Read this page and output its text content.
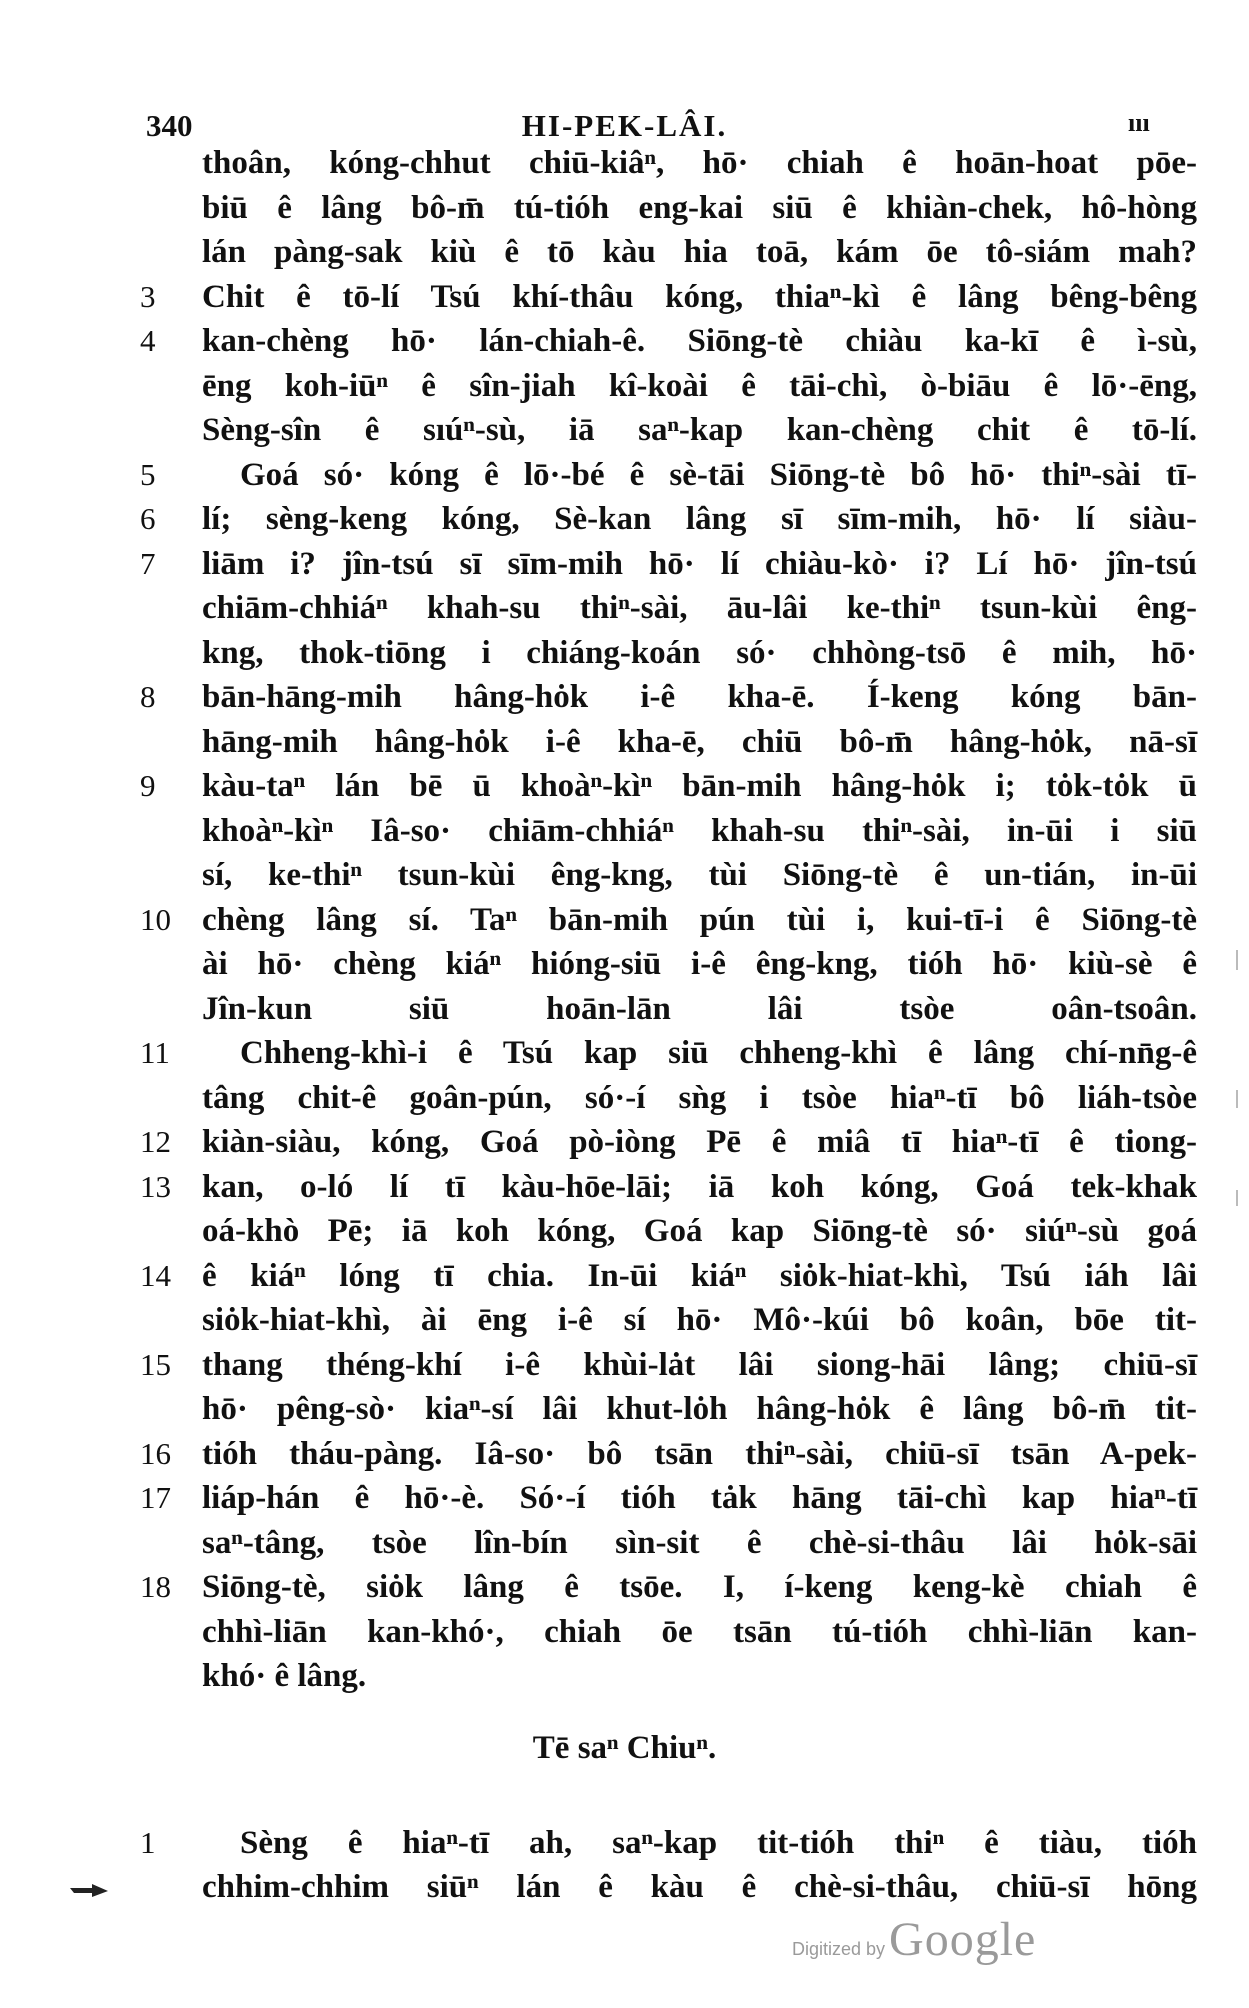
340	HI-PEK-LÂI.	ııı
thoân, kóng-chhut chiū-kiâⁿ, hō· chiah ê hoān-hoat pōe-
biū ê lâng bô-m̄ tú-tióh eng-kai siū ê khiàn-chek, hô-hòng
lán pàng-sak kiù ê tō kàu hia toā, kám ōe tô-siám mah?
3	Chit ê tō-lí Tsú khí-thâu kóng, thiaⁿ-kì ê lâng bêng-bêng
4	kan-chèng hō· lán-chiah-ê. Siōng-tè chiàu ka-kī ê ì-sù,
ēng koh-iūⁿ ê sîn-jiah kî-koài ê tāi-chì, ò-biāu ê lō·-ēng,
Sèng-sîn ê sıúⁿ-sù, iā saⁿ-kap kan-chèng chit ê tō-lí.
5	Goá só· kóng ê lō·-bé ê sè-tāi Siōng-tè bô hō· thiⁿ-sài tī-
6	lí; sèng-keng kóng, Sè-kan lâng sī sīm-mih, hō· lí siàu-
7	liām i? jîn-tsú sī sīm-mih hō· lí chiàu-kò· i? Lí hō· jîn-tsú
chiām-chhiáⁿ khah-su thiⁿ-sài, āu-lâi ke-thiⁿ tsun-kùi êng-
kng, thok-tiōng i chiáng-koán só· chhòng-tsō ê mih, hō·
8	bān-hāng-mih hâng-hȯk i-ê kha-ē. Í-keng kóng bān-
hāng-mih hâng-hȯk i-ê kha-ē, chiū bô-m̄ hâng-hȯk, nā-sī
9	kàu-taⁿ lán bē ū khoàⁿ-kìⁿ bān-mih hâng-hȯk i; tȯk-tȯk ū
khoàⁿ-kìⁿ Iâ-so· chiām-chhiáⁿ khah-su thiⁿ-sài, in-ūi i siū
sí, ke-thiⁿ tsun-kùi êng-kng, tùi Siōng-tè ê un-tián, in-ūi
10 chèng lâng sí. Taⁿ bān-mih pún tùi i, kui-tī-i ê Siōng-tè
ài hō· chèng kiáⁿ hióng-siū i-ê êng-kng, tióh hō· kiù-sè ê
Jîn-kun siū hoān-lān lâi tsòe oân-tsoân.
11	Chheng-khì-i ê Tsú kap siū chheng-khì ê lâng chí-nn̄g-ê
tâng chit-ê goân-pún, só·-í sǹg i tsòe hiaⁿ-tī bô liáh-tsòe
12 kiàn-siàu, kóng, Goá pò-iòng Pē ê miâ tī hiaⁿ-tī ê tiong-
13 kan, o-ló lí tī kàu-hōe-lāi; iā koh kóng, Goá tek-khak
oá-khò Pē; iā koh kóng, Goá kap Siōng-tè só· siúⁿ-sù goá
14 ê kiáⁿ lóng tī chia. In-ūi kiáⁿ siȯk-hiat-khì, Tsú iáh lâi
siȯk-hiat-khì, ài ēng i-ê sí hō· Mô·-kúi bô koân, bōe tit-
15 thang théng-khí i-ê khùi-lȧt lâi siong-hāi lâng; chiū-sī
hō· pêng-sò· kiaⁿ-sí lâi khut-lȯh hâng-hȯk ê lâng bô-m̄ tit-
16 tióh tháu-pàng. Iâ-so· bô tsān thiⁿ-sài, chiū-sī tsān A-pek-
17 liáp-hán ê hō·-è. Só·-í tióh tȧk hāng tāi-chì kap hiaⁿ-tī
saⁿ-tâng, tsòe lîn-bín sìn-sit ê chè-si-thâu lâi hȯk-sāi
18 Siōng-tè, siȯk lâng ê tsōe. I, í-keng keng-kè chiah ê
chhì-liān kan-khó·, chiah ōe tsān tú-tióh chhì-liān kan-
khó· ê lâng.
Tē saⁿ Chiuⁿ.
1	Sèng ê hiaⁿ-tī ah, saⁿ-kap tit-tióh thiⁿ ê tiàu, tióh
chhim-chhim siūⁿ lán ê kàu ê chè-si-thâu, chiū-sī hōng
Digitized by Google
